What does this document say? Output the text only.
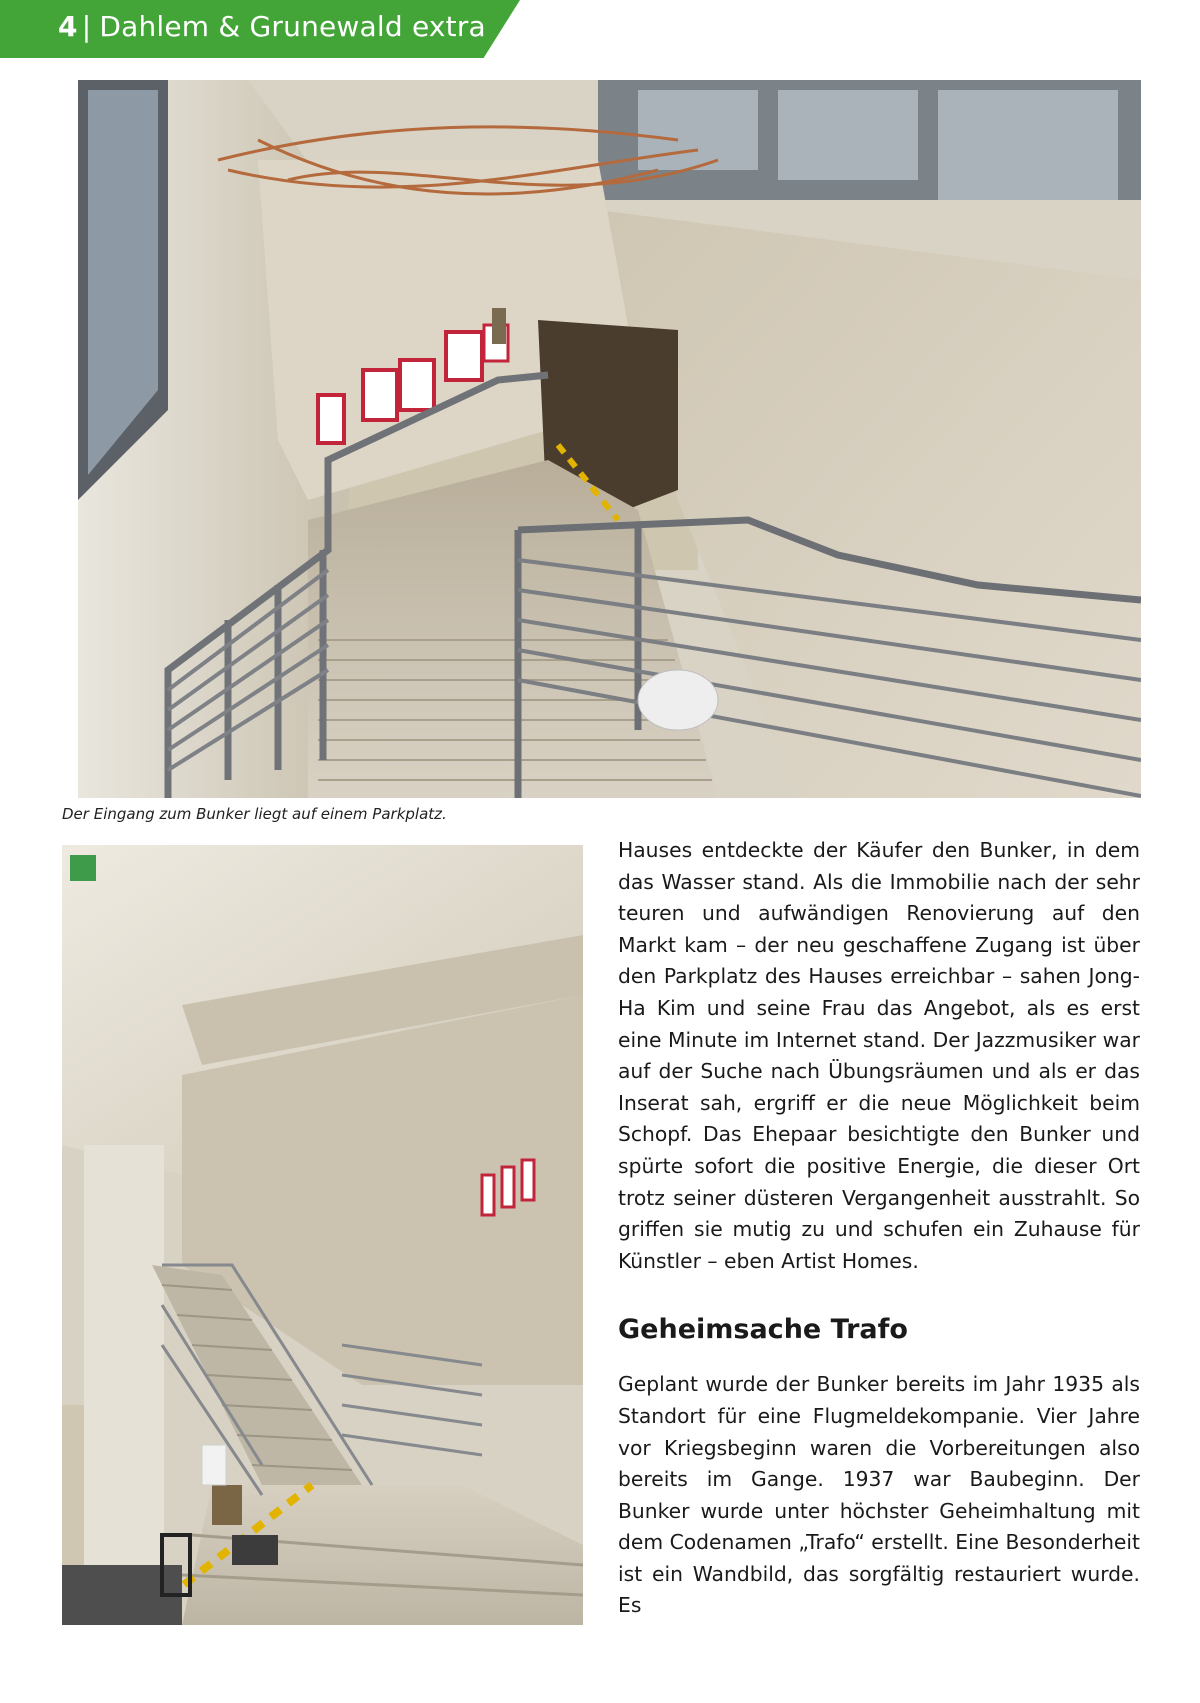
4 | Dahlem & Grunewald extra
Der Eingang zum Bunker liegt auf einem Parkplatz.

Hauses entdeckte der Käufer den Bunker, in dem das Wasser stand. Als die Immobilie nach der sehr teuren und aufwändigen Renovierung auf den Markt kam – der neu geschaffene Zugang ist über den Parkplatz des Hauses erreichbar – sahen Jong-Ha Kim und seine Frau das Angebot, als es erst eine Minute im Internet stand. Der Jazzmusiker war auf der Suche nach Übungsräumen und als er das Inserat sah, ergriff er die neue Möglichkeit beim Schopf. Das Ehepaar besichtigte den Bunker und spürte sofort die positive Energie, die dieser Ort trotz seiner düsteren Vergangenheit ausstrahlt. So griffen sie mutig zu und schufen ein Zuhause für Künstler – eben Artist Homes.

Geheimsache Trafo

Geplant wurde der Bunker bereits im Jahr 1935 als Standort für eine Flugmeldekompanie. Vier Jahre vor Kriegsbeginn waren die Vorbereitungen also bereits im Gange. 1937 war Baubeginn. Der Bunker wurde unter höchster Geheimhaltung mit dem Codenamen „Trafo“ erstellt. Eine Besonderheit ist ein Wandbild, das sorgfältig restauriert wurde. Es
